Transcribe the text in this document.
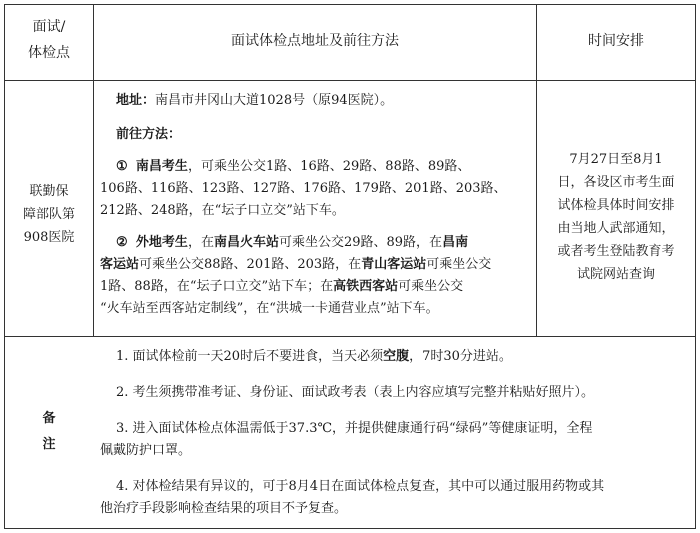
面试/

体检点

面试体检点地址及前往方法	时间安排

联勤保

障部队第

908医院

地址：南昌市井冈山大道1028号（原94医院）。

前往方法：

① 南昌考生，可乘坐公交1路、16路、29路、88路、89路、

106路、116路、123路、127路、176路、179路、201路、203路、

212路、248路，在“坛子口立交”站下车。

② 外地考生，在南昌火车站可乘坐公交29路、89路，在昌南

客运站可乘坐公交88路、201路、203路，在青山客运站可乘坐公交

1路、88路，在“坛子口立交”站下车；在高铁西客站可乘坐公交

“火车站至西客站定制线”，在“洪城一卡通营业点”站下车。

7月27日至8月1

日，各设区市考生面

试体检具体时间安排

由当地人武部通知，

或者考生登陆教育考

试院网站查询

备

注

1. 面试体检前一天20时后不要进食，当天必须空腹，7时30分进站。

2. 考生须携带准考证、身份证、面试政考表（表上内容应填写完整并粘贴好照片）。

3. 进入面试体检点体温需低于37.3℃，并提供健康通行码“绿码”等健康证明，全程

佩戴防护口罩。

4. 对体检结果有异议的，可于8月4日在面试体检点复查，其中可以通过服用药物或其

他治疗手段影响检查结果的项目不予复查。
